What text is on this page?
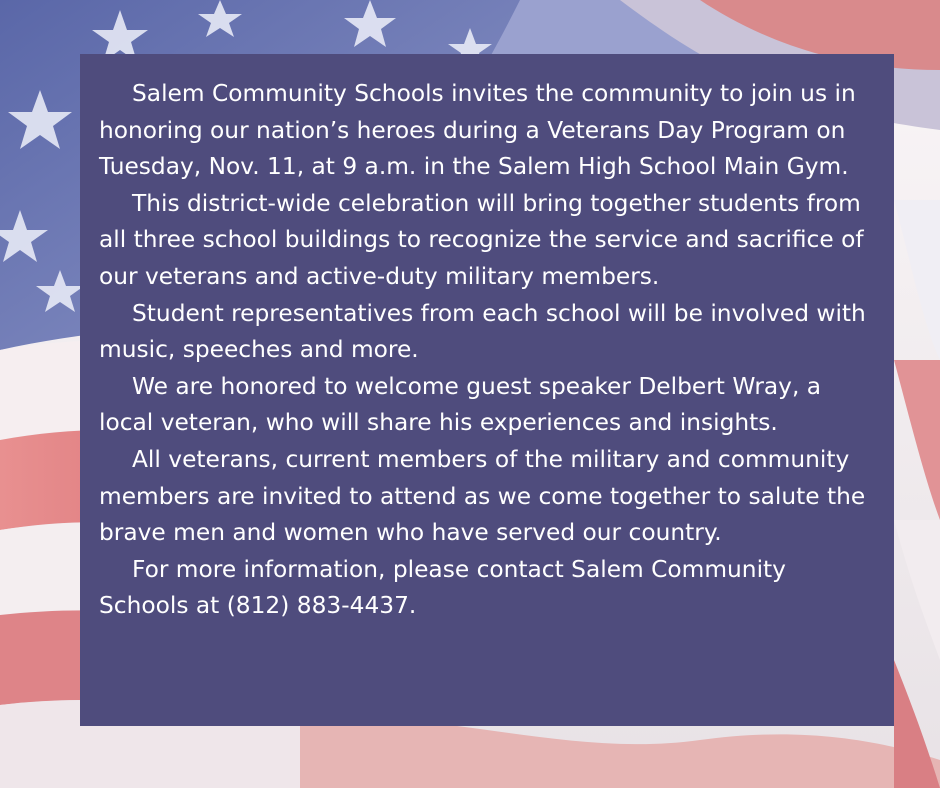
Salem Community Schools invites the community to join us in honoring our nation’s heroes during a Veterans Day Program on Tuesday, Nov. 11, at 9 a.m. in the Salem High School Main Gym.

This district-wide celebration will bring together students from all three school buildings to recognize the service and sacrifice of our veterans and active-duty military members.

Student representatives from each school will be involved with music, speeches and more.

We are honored to welcome guest speaker Delbert Wray, a local veteran, who will share his experiences and insights.

All veterans, current members of the military and community members are invited to attend as we come together to salute the brave men and women who have served our country.

For more information, please contact Salem Community Schools at (812) 883-4437.
